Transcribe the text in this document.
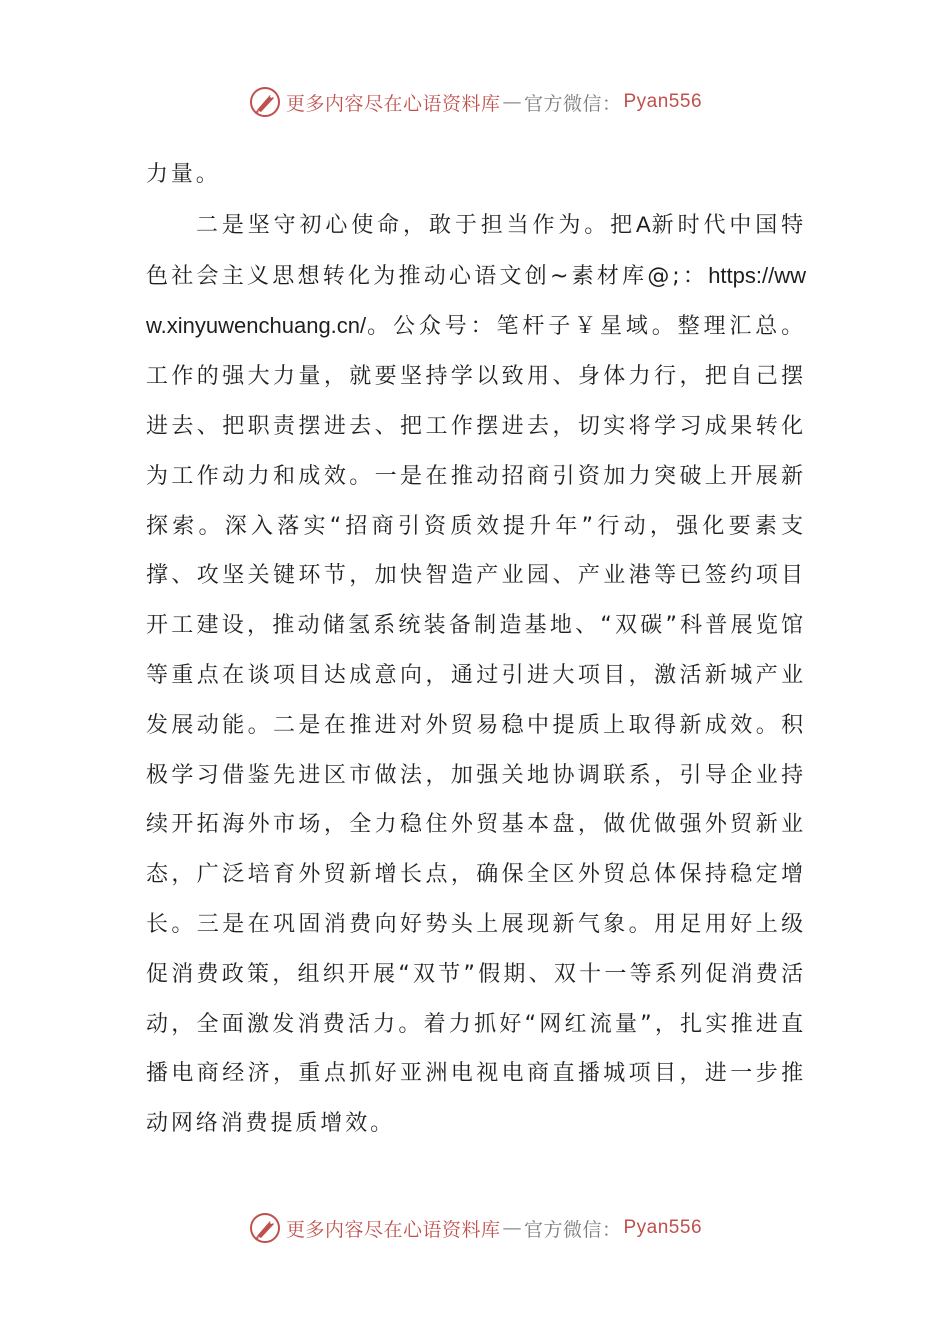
更多内容尽在心语资料库 — 官方微信： Pyan556

力量。

二是坚守初心使命，敢于担当作为。把A新时代中国特色社会主义思想转化为推动心语文创~素材库@;：https://www.xinyuwenchuang.cn/。公众号：笔杆子￥星域。整理汇总。工作的强大力量，就要坚持学以致用、身体力行，把自己摆进去、把职责摆进去、把工作摆进去，切实将学习成果转化为工作动力和成效。一是在推动招商引资加力突破上开展新探索。深入落实“招商引资质效提升年”行动，强化要素支撑、攻坚关键环节，加快智造产业园、产业港等已签约项目开工建设，推动储氢系统装备制造基地、“双碳”科普展览馆等重点在谈项目达成意向，通过引进大项目，激活新城产业发展动能。二是在推进对外贸易稳中提质上取得新成效。积极学习借鉴先进区市做法，加强关地协调联系，引导企业持续开拓海外市场，全力稳住外贸基本盘，做优做强外贸新业态，广泛培育外贸新增长点，确保全区外贸总体保持稳定增长。三是在巩固消费向好势头上展现新气象。用足用好上级促消费政策，组织开展“双节”假期、双十一等系列促消费活动，全面激发消费活力。着力抓好“网红流量”，扎实推进直播电商经济，重点抓好亚洲电视电商直播城项目，进一步推动网络消费提质增效。

更多内容尽在心语资料库 — 官方微信： Pyan556
